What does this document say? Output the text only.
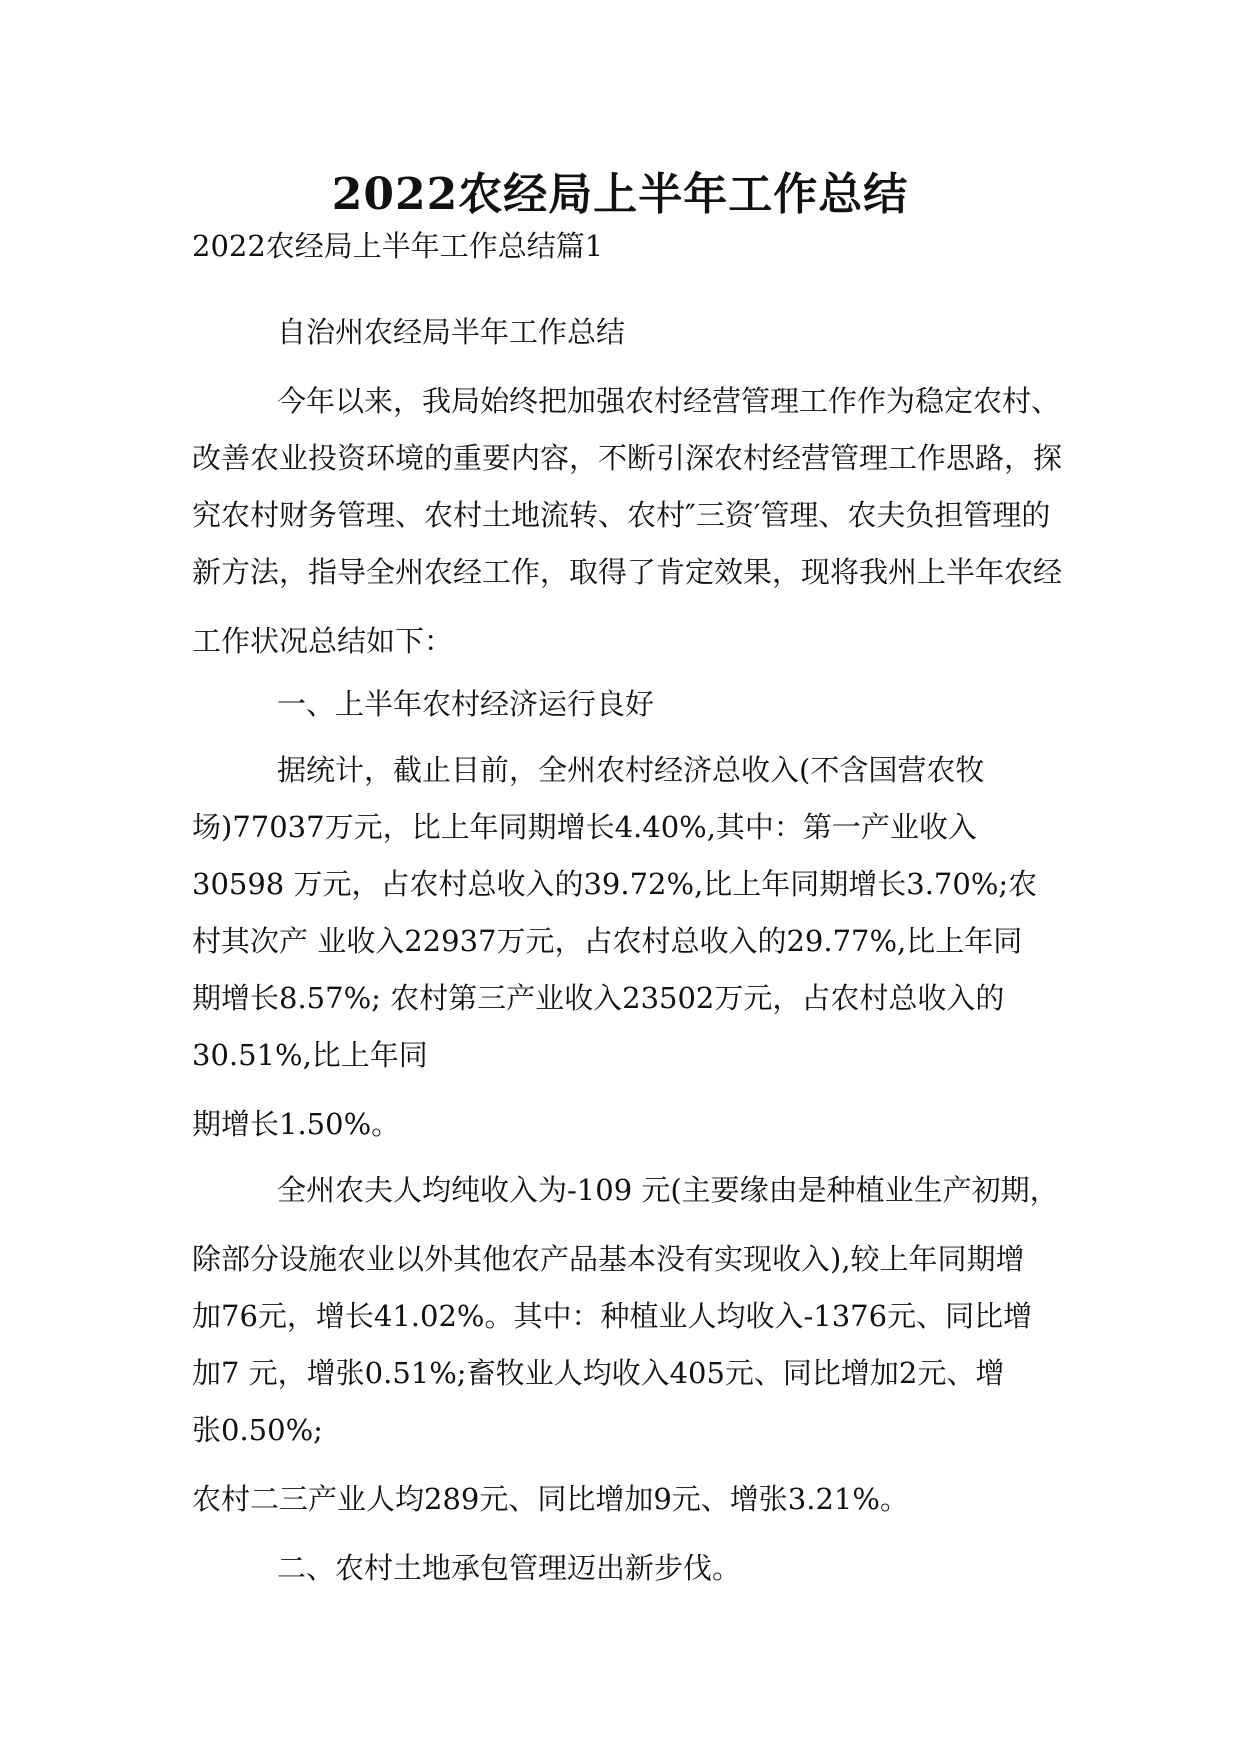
2022农经局上半年工作总结
2022农经局上半年工作总结篇1
自治州农经局半年工作总结
今年以来，我局始终把加强农村经营管理工作作为稳定农村、
改善农业投资环境的重要内容，不断引深农村经营管理工作思路，探
究农村财务管理、农村土地流转、农村″三资′管理、农夫负担管理的
新方法，指导全州农经工作，取得了肯定效果，现将我州上半年农经
工作状况总结如下：
一、上半年农村经济运行良好
据统计，截止目前，全州农村经济总收入(不含国营农牧
场)77037万元，比上年同期增长4.40%,其中：第一产业收入
30598 万元，占农村总收入的39.72%,比上年同期增长3.70%;农
村其次产 业收入22937万元，占农村总收入的29.77%,比上年同
期增长8.57%; 农村第三产业收入23502万元，占农村总收入的
30.51%,比上年同
期增长1.50%。
全州农夫人均纯收入为-109 元(主要缘由是种植业生产初期，
除部分设施农业以外其他农产品基本没有实现收入),较上年同期增
加76元，增长41.02%。其中：种植业人均收入-1376元、同比增
加7 元，增张0.51%;畜牧业人均收入405元、同比增加2元、增
张0.50%;
农村二三产业人均289元、同比增加9元、增张3.21%。
二、农村土地承包管理迈出新步伐。
